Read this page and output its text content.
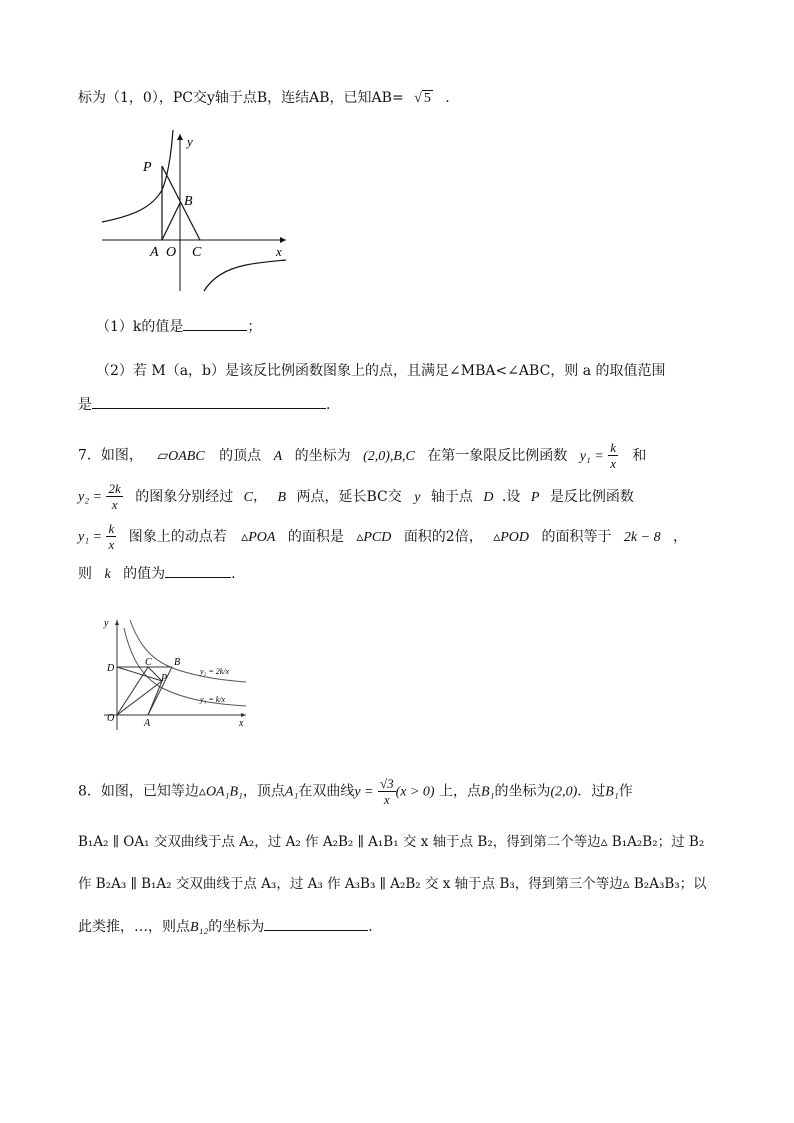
标为（1，0），PC交y轴于点B，连结AB，已知AB= √ 5 .
y
P
B
A O C	x
（1）k的值是	；
（2）若 M（a，b）是该反比例函数图象上的点，且满足∠MBA<∠ABC，则 a 的取值范围
是	.
7．如图， ▱OABC 的顶点 A 的坐标为 (2,0),B,C 在第一象限反比例函数 $y_1 = \frac{k}{x}$ 和
$y_2 = \frac{2k}{x}$ 的图象分别经过 C， B 两点，延长BC交 y 轴于点 D .设 P 是反比例函数
$y_1 = \frac{k}{x}$ 图象上的动点若 ▵POA 的面积是 ▵PCD 面积的2倍， ▵POD 的面积等于 2k − 8 ，
则 k 的值为	.
y
D
C B
P
O	A	x
y₂ = 2k/x
y₁ = k/x
8．如图，已知等边▵OA₁B₁，顶点A₁在双曲线$y = \frac{√3}{x} (x > 0)$ 上，点B₁的坐标为(2,0)．过B₁作
B₁A₂ ∥ OA₁ 交双曲线于点 A₂，过 A₂ 作 A₂B₂ ∥ A₁B₁ 交 x 轴于点 B₂，得到第二个等边▵ B₁A₂B₂；过 B₂
作 B₂A₃ ∥ B₁A₂ 交双曲线于点 A₃，过 A₃ 作 A₃B₃ ∥ A₂B₂ 交 x 轴于点 B₃，得到第三个等边▵ B₂A₃B₃；以
此类推，…，则点B₁₂的坐标为	.
